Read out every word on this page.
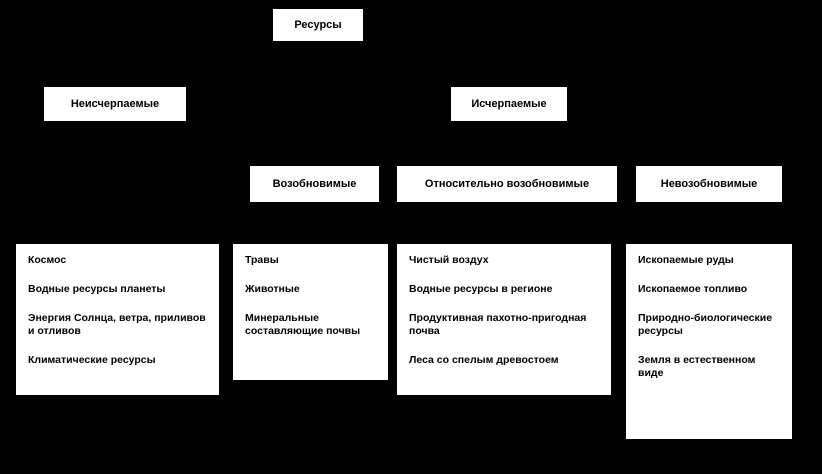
Ресурсы
Неисчерпаемые	Исчерпаемые
Возобновимые	Относительно возобновимые	Невозобновимые
Космос
Водные ресурсы планеты
Энергия Солнца, ветра, приливов и отливов
Климатические ресурсы
Травы
Животные
Минеральные составляющие почвы
Чистый воздух
Водные ресурсы в регионе
Продуктивная пахотно-пригодная почва
Леса со спелым древостоем
Ископаемые руды
Ископаемое топливо
Природно-биологические ресурсы
Земля в естественном виде
